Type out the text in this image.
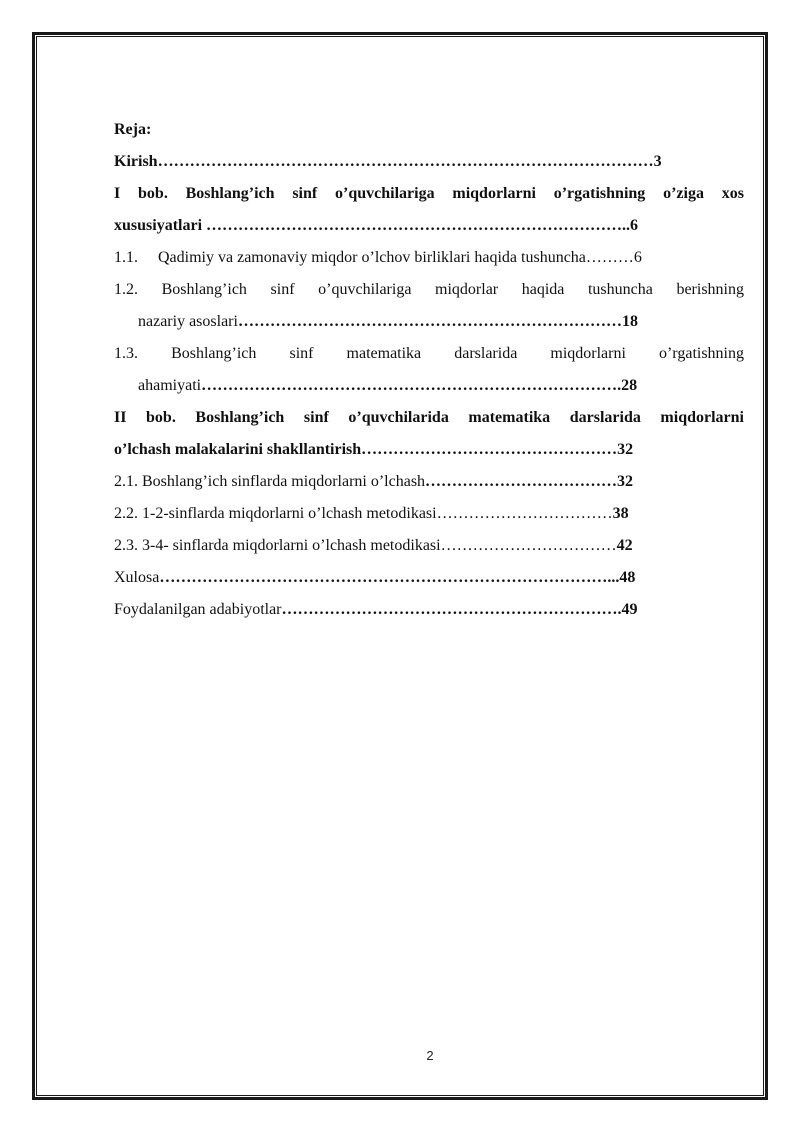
Reja:
Kirish…………………………………………………………………………………3
I bob. Boshlang’ich sinf o’quvchilariga miqdorlarni o’rgatishning o’ziga xos
xususiyatlari ……………………………………………………………………..6
1.1. Qadimiy va zamonaviy miqdor o’lchov birliklari haqida tushuncha………6
1.2. Boshlang’ich sinf o’quvchilariga miqdorlar haqida tushuncha berishning
nazariy asoslari………………………………………………………………18
1.3. Boshlang’ich sinf matematika darslarida miqdorlarni o’rgatishning
ahamiyati…………………………………………………………………….28
II bob. Boshlang’ich sinf o’quvchilarida matematika darslarida miqdorlarni
o’lchash malakalarini shakllantirish…………………………………………32
2.1. Boshlang’ich sinflarda miqdorlarni o’lchash………………………………32
2.2. 1-2-sinflarda miqdorlarni o’lchash metodikasi……………………………38
2.3. 3-4- sinflarda miqdorlarni o’lchash metodikasi……………………………42
Xulosa…………………………………………………………………………...48
Foydalanilgan adabiyotlar……………………………………………………….49
2
